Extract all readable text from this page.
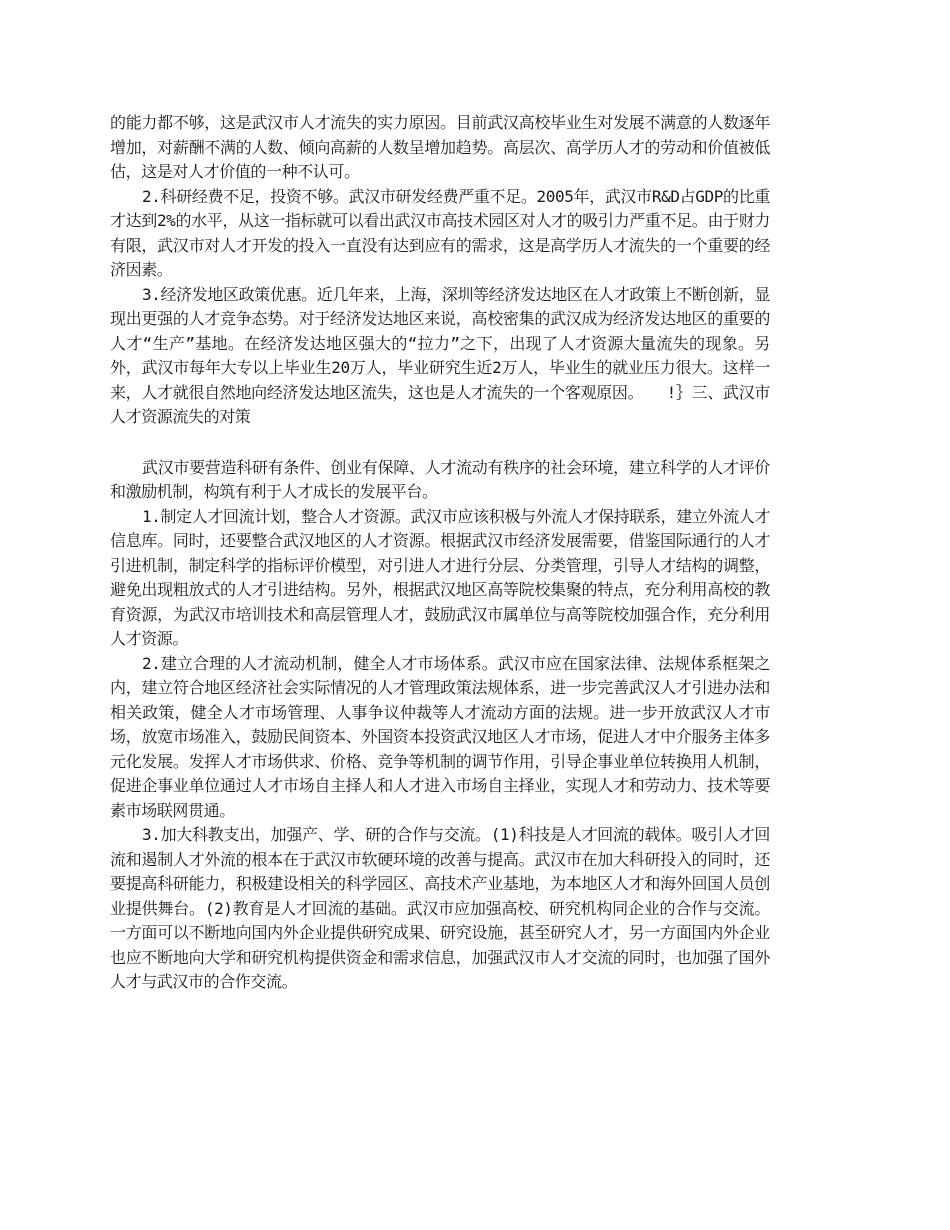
的能力都不够，这是武汉市人才流失的实力原因。目前武汉高校毕业生对发展不满意的人数逐年增加，对薪酬不满的人数、倾向高薪的人数呈增加趋势。高层次、高学历人才的劳动和价值被低估，这是对人才价值的一种不认可。

2.科研经费不足，投资不够。武汉市研发经费严重不足。2005年，武汉市R&D占GDP的比重才达到2%的水平，从这一指标就可以看出武汉市高技术园区对人才的吸引力严重不足。由于财力有限，武汉市对人才开发的投入一直没有达到应有的需求，这是高学历人才流失的一个重要的经济因素。

3.经济发地区政策优惠。近几年来，上海，深圳等经济发达地区在人才政策上不断创新，显现出更强的人才竞争态势。对于经济发达地区来说，高校密集的武汉成为经济发达地区的重要的人才“生产”基地。在经济发达地区强大的“拉力”之下，出现了人才资源大量流失的现象。另外，武汉市每年大专以上毕业生20万人，毕业研究生近2万人，毕业生的就业压力很大。这样一来，人才就很自然地向经济发达地区流失，这也是人才流失的一个客观原因。　　!｝三、武汉市人才资源流失的对策

武汉市要营造科研有条件、创业有保障、人才流动有秩序的社会环境，建立科学的人才评价和激励机制，构筑有利于人才成长的发展平台。

1.制定人才回流计划，整合人才资源。武汉市应该积极与外流人才保持联系，建立外流人才信息库。同时，还要整合武汉地区的人才资源。根据武汉市经济发展需要，借鉴国际通行的人才引进机制，制定科学的指标评价模型，对引进人才进行分层、分类管理，引导人才结构的调整，避免出现粗放式的人才引进结构。另外，根据武汉地区高等院校集聚的特点，充分利用高校的教育资源，为武汉市培训技术和高层管理人才，鼓励武汉市属单位与高等院校加强合作，充分利用人才资源。

2.建立合理的人才流动机制，健全人才市场体系。武汉市应在国家法律、法规体系框架之内，建立符合地区经济社会实际情况的人才管理政策法规体系，进一步完善武汉人才引进办法和相关政策，健全人才市场管理、人事争议仲裁等人才流动方面的法规。进一步开放武汉人才市场，放宽市场准入，鼓励民间资本、外国资本投资武汉地区人才市场，促进人才中介服务主体多元化发展。发挥人才市场供求、价格、竞争等机制的调节作用，引导企事业单位转换用人机制，促进企事业单位通过人才市场自主择人和人才进入市场自主择业，实现人才和劳动力、技术等要素市场联网贯通。

3.加大科教支出，加强产、学、研的合作与交流。(1)科技是人才回流的载体。吸引人才回流和遏制人才外流的根本在于武汉市软硬环境的改善与提高。武汉市在加大科研投入的同时，还要提高科研能力，积极建设相关的科学园区、高技术产业基地，为本地区人才和海外回国人员创业提供舞台。(2)教育是人才回流的基础。武汉市应加强高校、研究机构同企业的合作与交流。一方面可以不断地向国内外企业提供研究成果、研究设施，甚至研究人才，另一方面国内外企业也应不断地向大学和研究机构提供资金和需求信息，加强武汉市人才交流的同时，也加强了国外人才与武汉市的合作交流。
